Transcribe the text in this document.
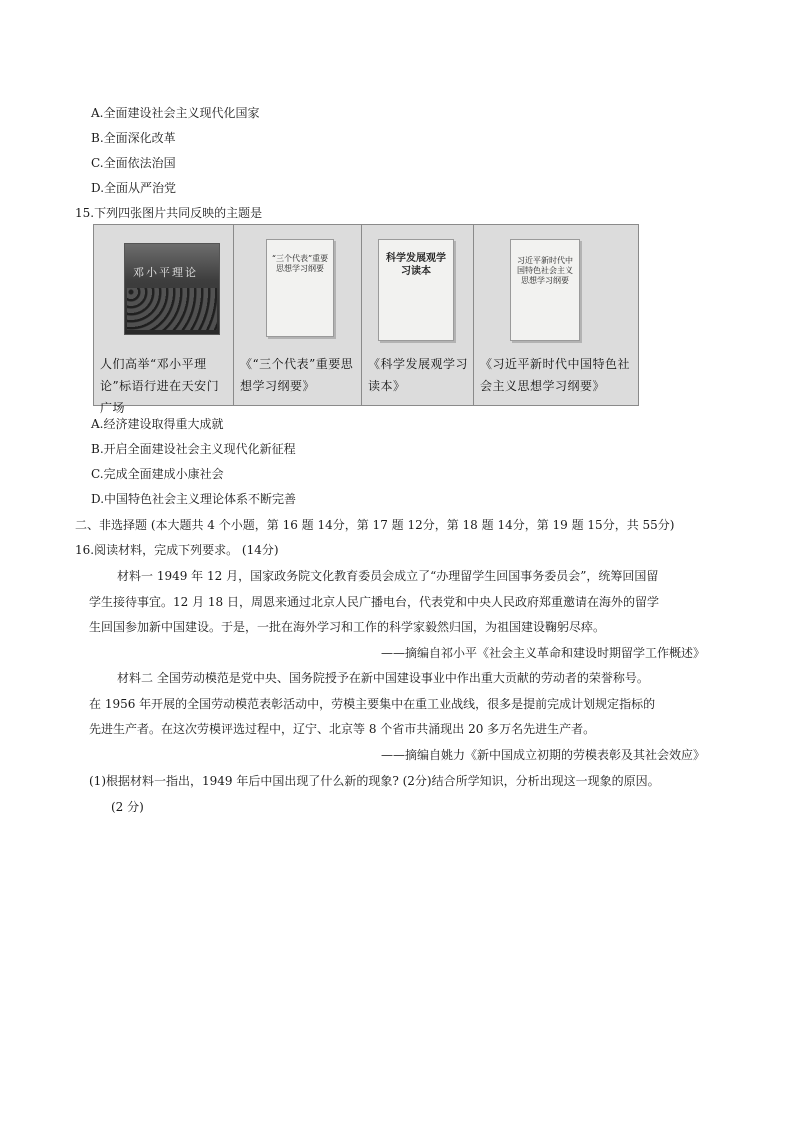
A.全面建设社会主义现代化国家
B.全面深化改革
C.全面依法治国
D.全面从严治党
15.下列四张图片共同反映的主题是
邓小平理论
人们高举“邓小平理论”标语行进在天安门广场
“三个代表”重要思想学习纲要
《“三个代表”重要思想学习纲要》
科学发展观学习读本
《科学发展观学习读本》
习近平新时代中国特色社会主义思想学习纲要
《习近平新时代中国特色社会主义思想学习纲要》
A.经济建设取得重大成就
B.开启全面建设社会主义现代化新征程
C.完成全面建成小康社会
D.中国特色社会主义理论体系不断完善
二、非选择题 (本大题共 4 个小题，第 16 题 14分，第 17 题 12分，第 18 题 14分，第 19 题 15分，共 55分)
16.阅读材料，完成下列要求。 (14分)
材料一 1949 年 12 月，国家政务院文化教育委员会成立了“办理留学生回国事务委员会”，统筹回国留
学生接待事宜。12 月 18 日，周恩来通过北京人民广播电台，代表党和中央人民政府郑重邀请在海外的留学
生回国参加新中国建设。于是，一批在海外学习和工作的科学家毅然归国，为祖国建设鞠躬尽瘁。
——摘编自祁小平《社会主义革命和建设时期留学工作概述》
材料二 全国劳动模范是党中央、国务院授予在新中国建设事业中作出重大贡献的劳动者的荣誉称号。
在 1956 年开展的全国劳动模范表彰活动中，劳模主要集中在重工业战线，很多是提前完成计划规定指标的
先进生产者。在这次劳模评选过程中，辽宁、北京等 8 个省市共涌现出 20 多万名先进生产者。
——摘编自姚力《新中国成立初期的劳模表彰及其社会效应》
(1)根据材料一指出，1949 年后中国出现了什么新的现象? (2分)结合所学知识，分析出现这一现象的原因。
(2 分)
